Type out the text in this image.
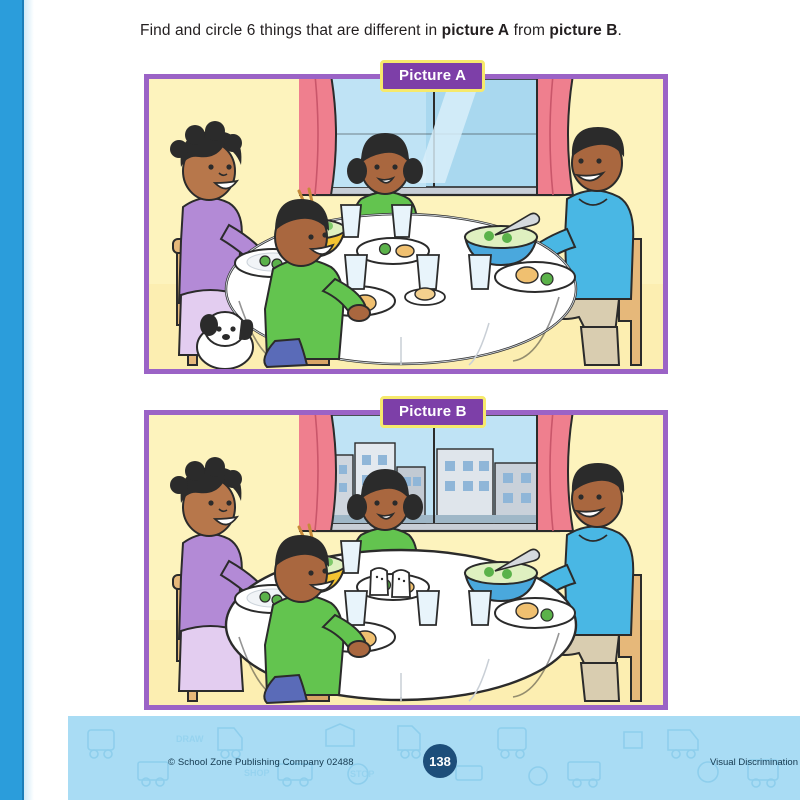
Find and circle 6 things that are different in picture A from picture B.
Picture A
Picture B
STOP
SHOP
DRAW
© School Zone Publishing Company 02488	138	Visual Discrimination
